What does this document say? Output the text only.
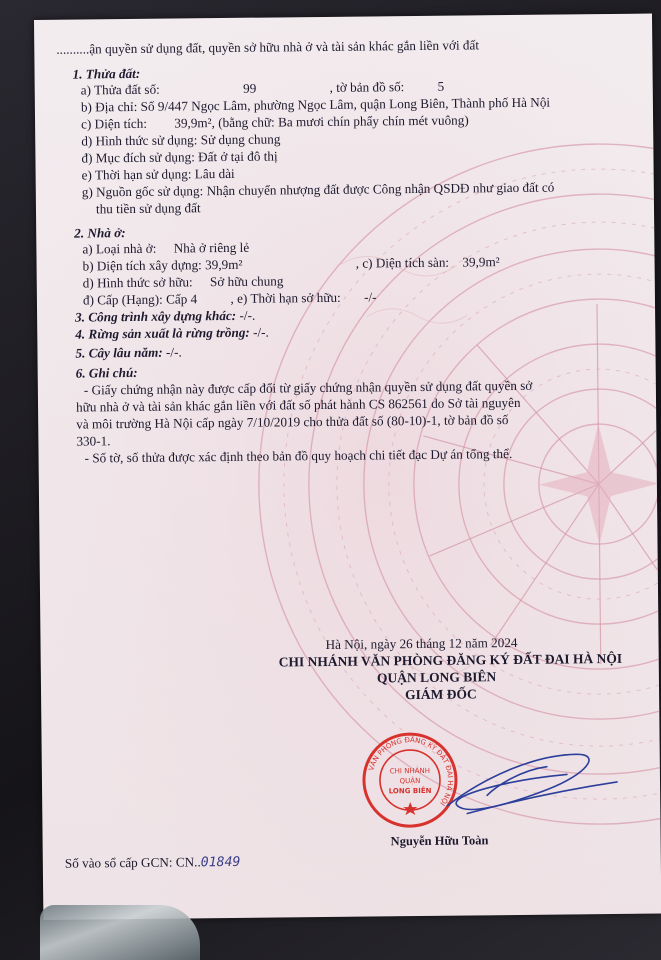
..........ận quyền sử dụng đất, quyền sở hữu nhà ở và tài sản khác gắn liền với đất
1. Thửa đất:
a) Thửa đất số:	99	, tờ bản đồ số:	5
b) Địa chỉ: Số 9/447 Ngọc Lâm, phường Ngọc Lâm, quận Long Biên, Thành phố Hà Nội
c) Diện tích: 39,9m², (bằng chữ: Ba mươi chín phẩy chín mét vuông)
d) Hình thức sử dụng: Sử dụng chung
đ) Mục đích sử dụng: Đất ở tại đô thị
e) Thời hạn sử dụng: Lâu dài
g) Nguồn gốc sử dụng: Nhận chuyển nhượng đất được Công nhận QSDĐ như giao đất có
thu tiền sử dụng đất
2. Nhà ở:
a) Loại nhà ở: Nhà ở riêng lẻ
b) Diện tích xây dựng: 39,9m²	, c) Diện tích sàn: 39,9m²
d) Hình thức sở hữu: Sở hữu chung
đ) Cấp (Hạng): Cấp 4	, e) Thời hạn sở hữu: -/-
3. Công trình xây dựng khác: -/-.
4. Rừng sản xuất là rừng trồng: -/-.
5. Cây lâu năm: -/-.
6. Ghi chú:
- Giấy chứng nhận này được cấp đổi từ giấy chứng nhận quyền sử dụng đất quyền sở
hữu nhà ở và tài sản khác gắn liền với đất số phát hành CS 862561 do Sở tài nguyên
và môi trường Hà Nội cấp ngày 7/10/2019 cho thửa đất số (80-10)-1, tờ bản đồ số
330-1.
- Số tờ, số thửa được xác định theo bản đồ quy hoạch chi tiết đạc Dự án tổng thể.
Hà Nội, ngày 26 tháng 12 năm 2024
CHI NHÁNH VĂN PHÒNG ĐĂNG KÝ ĐẤT ĐAI HÀ NỘI
QUẬN LONG BIÊN
GIÁM ĐỐC
Nguyễn Hữu Toàn
Số vào sổ cấp GCN: CN..01849
VĂN PHÒNG ĐĂNG KÝ ĐẤT ĐAI HÀ NỘI
CHI NHÁNH
QUẬN
LONG BIÊN
